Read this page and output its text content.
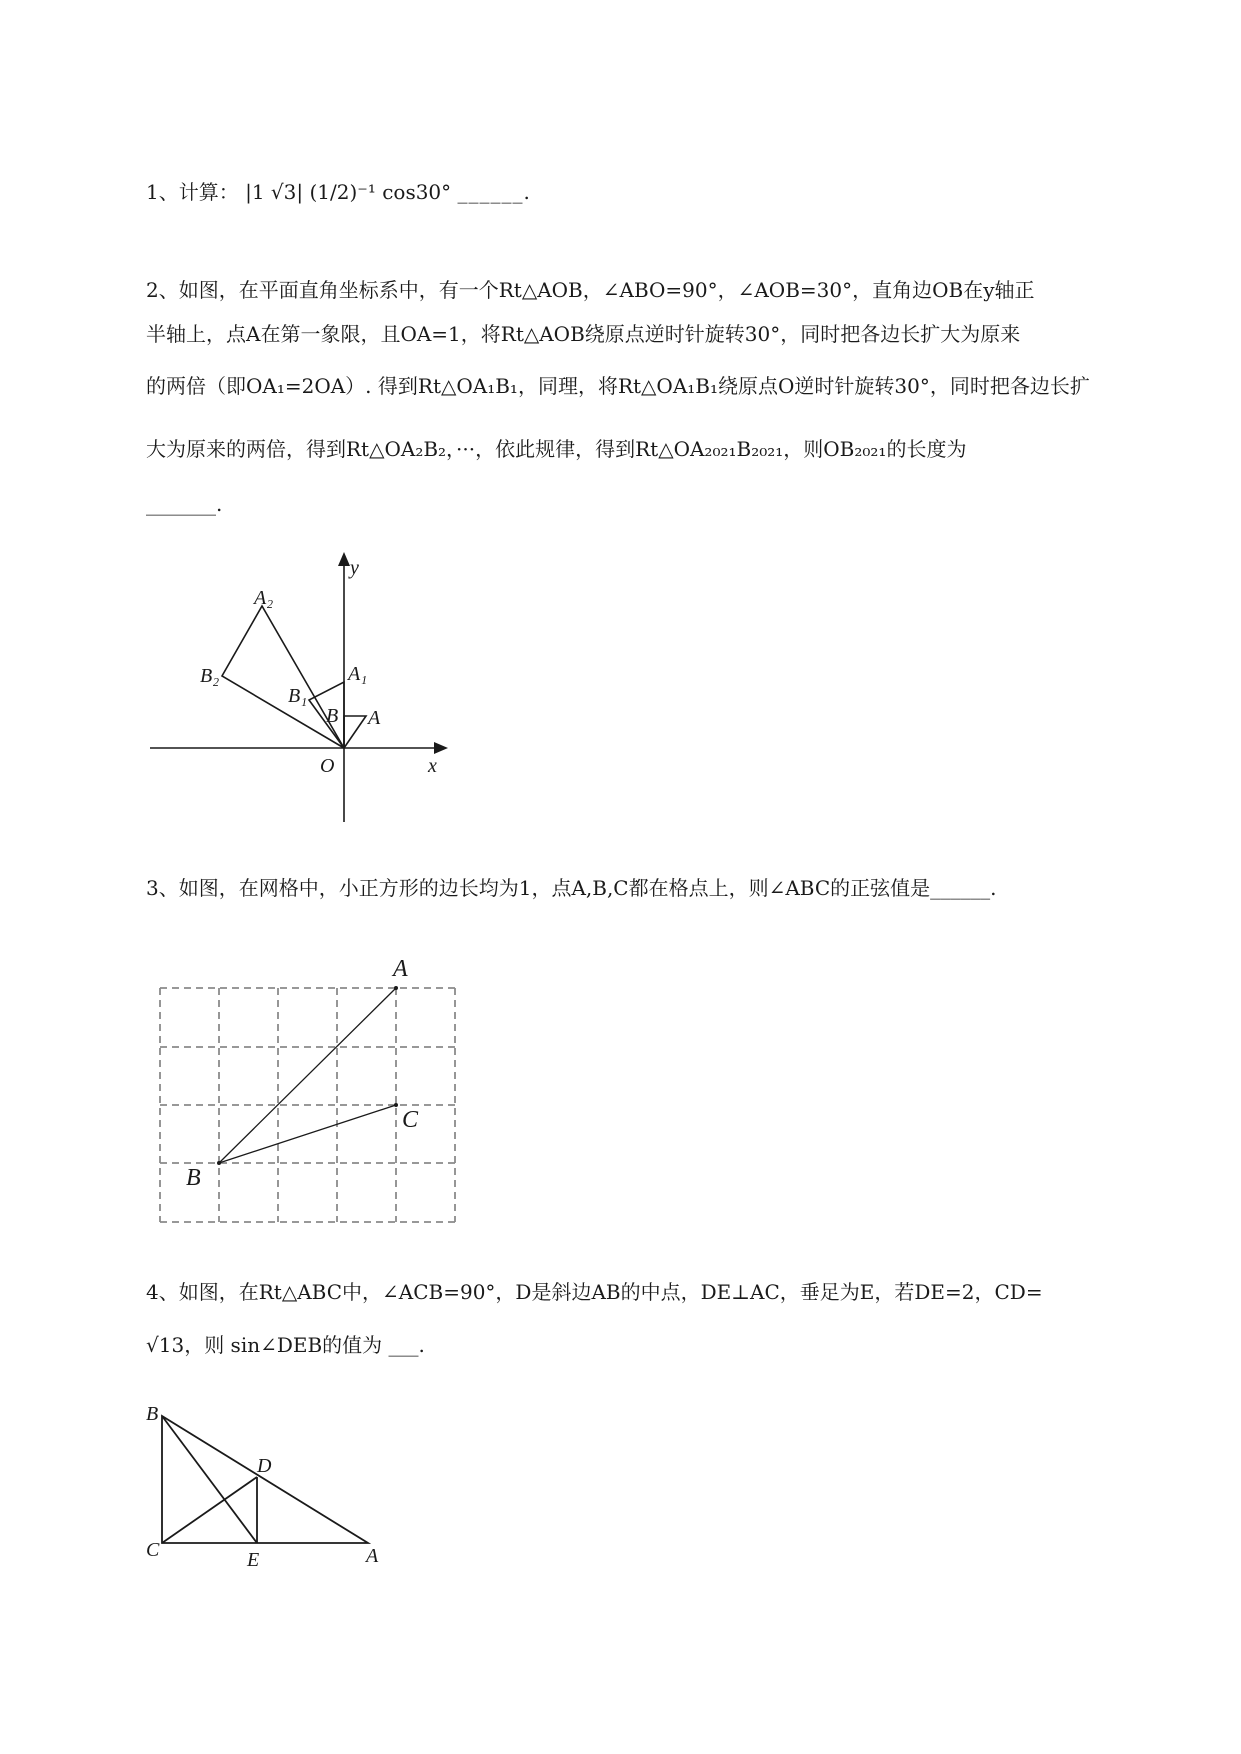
1、计算： |1 √3| (1/2)⁻¹ cos30° ______.
2、如图，在平面直角坐标系中，有一个Rt△AOB，∠ABO=90°，∠AOB=30°，直角边OB在y轴正
半轴上，点A在第一象限，且OA=1，将Rt△AOB绕原点逆时针旋转30°，同时把各边长扩大为原来
的两倍（即OA₁=2OA）. 得到Rt△OA₁B₁，同理，将Rt△OA₁B₁绕原点O逆时针旋转30°，同时把各边长扩
大为原来的两倍，得到Rt△OA₂B₂，···，依此规律，得到Rt△OA₂₀₂₁B₂₀₂₁，则OB₂₀₂₁的长度为
_______.
A₂
B₂
B₁
A₁
B A
O	x
y
3、如图，在网格中，小正方形的边长均为1，点A,B,C都在格点上，则∠ABC的正弦值是______.
A
C
B
4、如图，在Rt△ABC中，∠ACB=90°，D是斜边AB的中点，DE⊥AC，垂足为E，若DE=2，CD=
√13，则 sin∠DEB的值为 ___.
B
D
C	E	A
